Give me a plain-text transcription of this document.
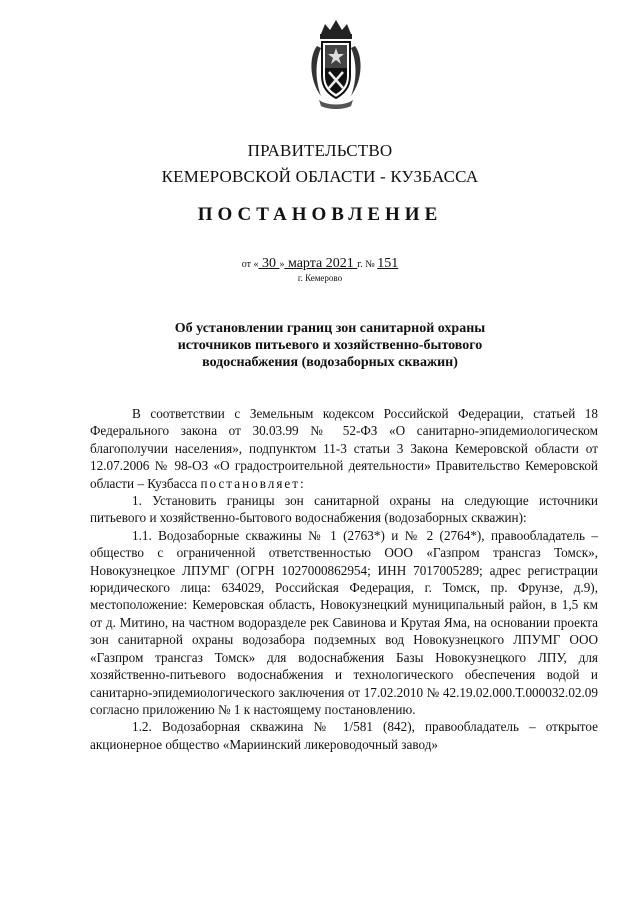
ПРАВИТЕЛЬСТВО
КЕМЕРОВСКОЙ ОБЛАСТИ - КУЗБАССА
ПОСТАНОВЛЕНИЕ
от « 30 » марта 2021 г. № 151
г. Кемерово
Об установлении границ зон санитарной охраны
источников питьевого и хозяйственно-бытового
водоснабжения (водозаборных скважин)

В соответствии с Земельным кодексом Российской Федерации, статьей 18 Федерального закона от 30.03.99 № 52-ФЗ «О санитарно-эпидемиологическом благополучии населения», подпунктом 11-3 статьи 3 Закона Кемеровской области от 12.07.2006 № 98-ОЗ «О градостроительной деятельности» Правительство Кемеровской области – Кузбасса постановляет:

1. Установить границы зон санитарной охраны на следующие источники питьевого и хозяйственно-бытового водоснабжения (водозаборных скважин):

1.1. Водозаборные скважины № 1 (2763*) и № 2 (2764*), правообладатель – общество с ограниченной ответственностью ООО «Газпром трансгаз Томск», Новокузнецкое ЛПУМГ (ОГРН 1027000862954; ИНН 7017005289; адрес регистрации юридического лица: 634029, Российская Федерация, г. Томск, пр. Фрунзе, д.9), местоположение: Кемеровская область, Новокузнецкий муниципальный район, в 1,5 км от д. Митино, на частном водоразделе рек Савинова и Крутая Яма, на основании проекта зон санитарной охраны водозабора подземных вод Новокузнецкого ЛПУМГ ООО «Газпром трансгаз Томск» для водоснабжения Базы Новокузнецкого ЛПУ, для хозяйственно-питьевого водоснабжения и технологического обеспечения водой и санитарно-эпидемиологического заключения от 17.02.2010 № 42.19.02.000.Т.000032.02.09 согласно приложению № 1 к настоящему постановлению.

1.2. Водозаборная скважина № 1/581 (842), правообладатель – открытое акционерное общество «Мариинский ликероводочный завод»
